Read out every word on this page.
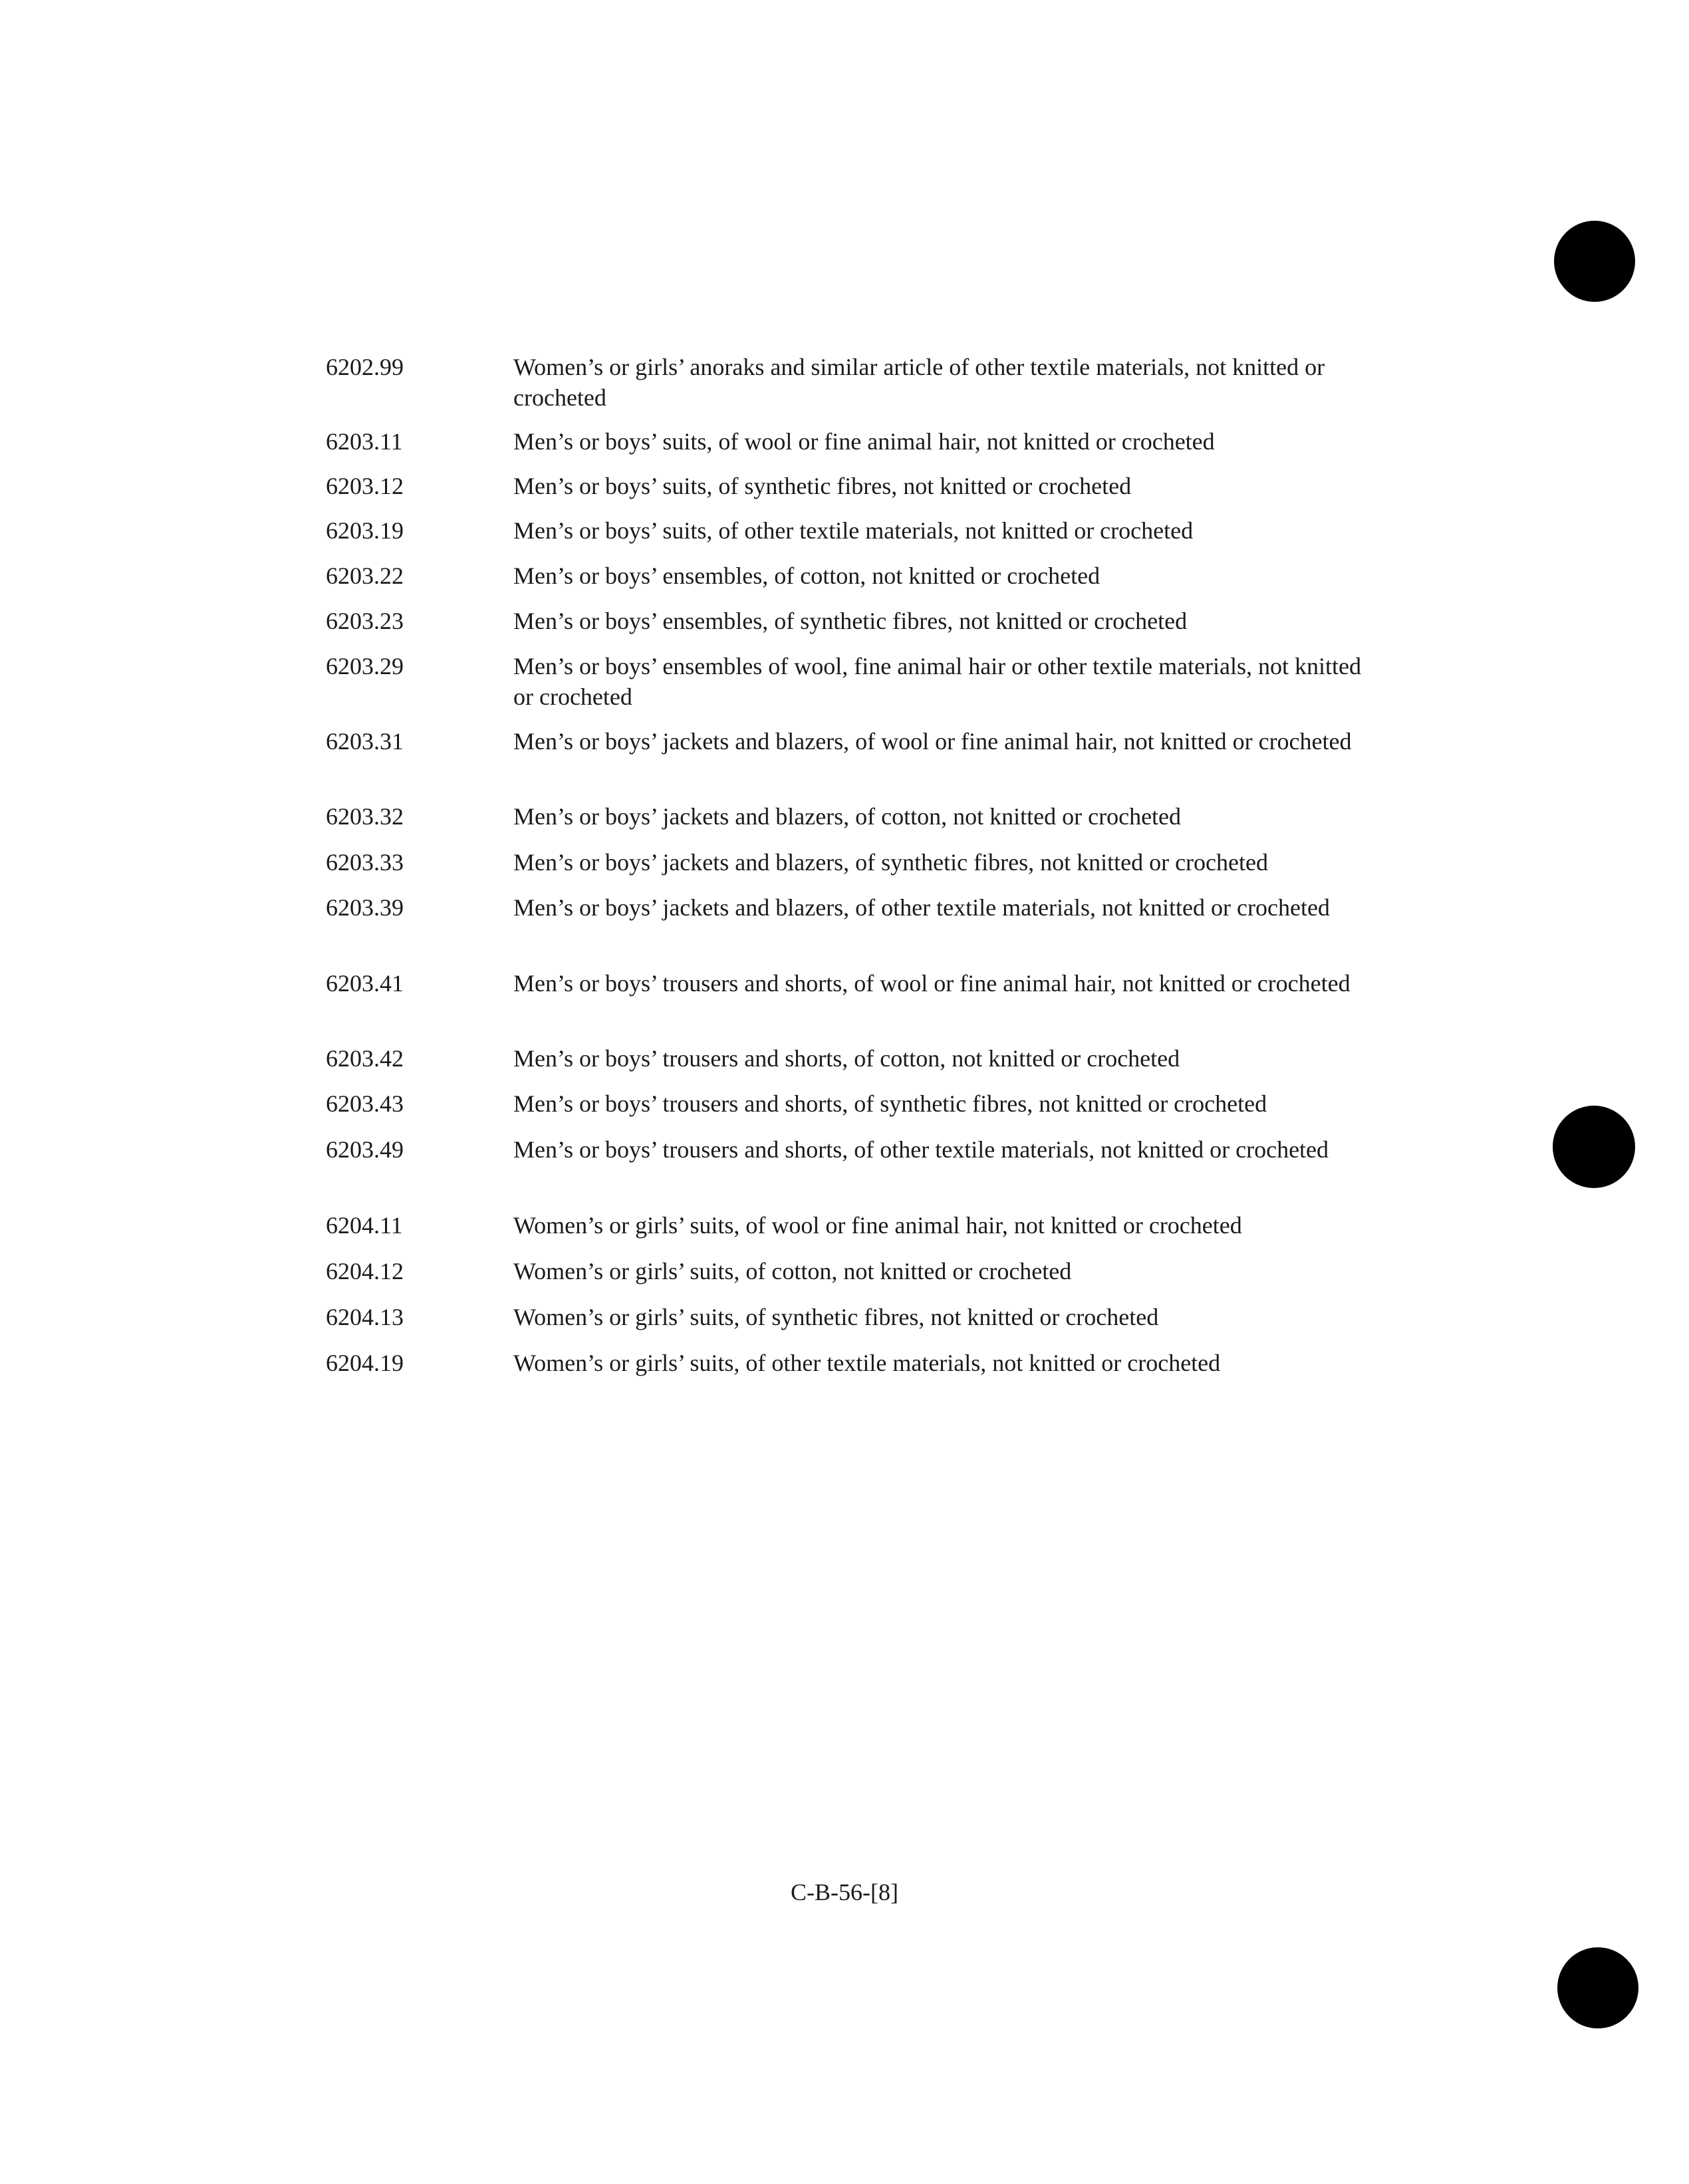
6202.99	Women’s or girls’ anoraks and similar article of other textile materials, not knitted or crocheted
6203.11	Men’s or boys’ suits, of wool or fine animal hair, not knitted or crocheted
6203.12	Men’s or boys’ suits, of synthetic fibres, not knitted or crocheted
6203.19	Men’s or boys’ suits, of other textile materials, not knitted or crocheted
6203.22	Men’s or boys’ ensembles, of cotton, not knitted or crocheted
6203.23	Men’s or boys’ ensembles, of synthetic fibres, not knitted or crocheted
6203.29	Men’s or boys’ ensembles of wool, fine animal hair or other textile materials, not knitted or crocheted
6203.31	Men’s or boys’ jackets and blazers, of wool or fine animal hair, not knitted or crocheted
6203.32	Men’s or boys’ jackets and blazers, of cotton, not knitted or crocheted
6203.33	Men’s or boys’ jackets and blazers, of synthetic fibres, not knitted or crocheted
6203.39	Men’s or boys’ jackets and blazers, of other textile materials, not knitted or crocheted
6203.41	Men’s or boys’ trousers and shorts, of wool or fine animal hair, not knitted or crocheted
6203.42	Men’s or boys’ trousers and shorts, of cotton, not knitted or crocheted
6203.43	Men’s or boys’ trousers and shorts, of synthetic fibres, not knitted or crocheted
6203.49	Men’s or boys’ trousers and shorts, of other textile materials, not knitted or crocheted
6204.11	Women’s or girls’ suits, of wool or fine animal hair, not knitted or crocheted
6204.12	Women’s or girls’ suits, of cotton, not knitted or crocheted
6204.13	Women’s or girls’ suits, of synthetic fibres, not knitted or crocheted
6204.19	Women’s or girls’ suits, of other textile materials, not knitted or crocheted
C-B-56-[8]
